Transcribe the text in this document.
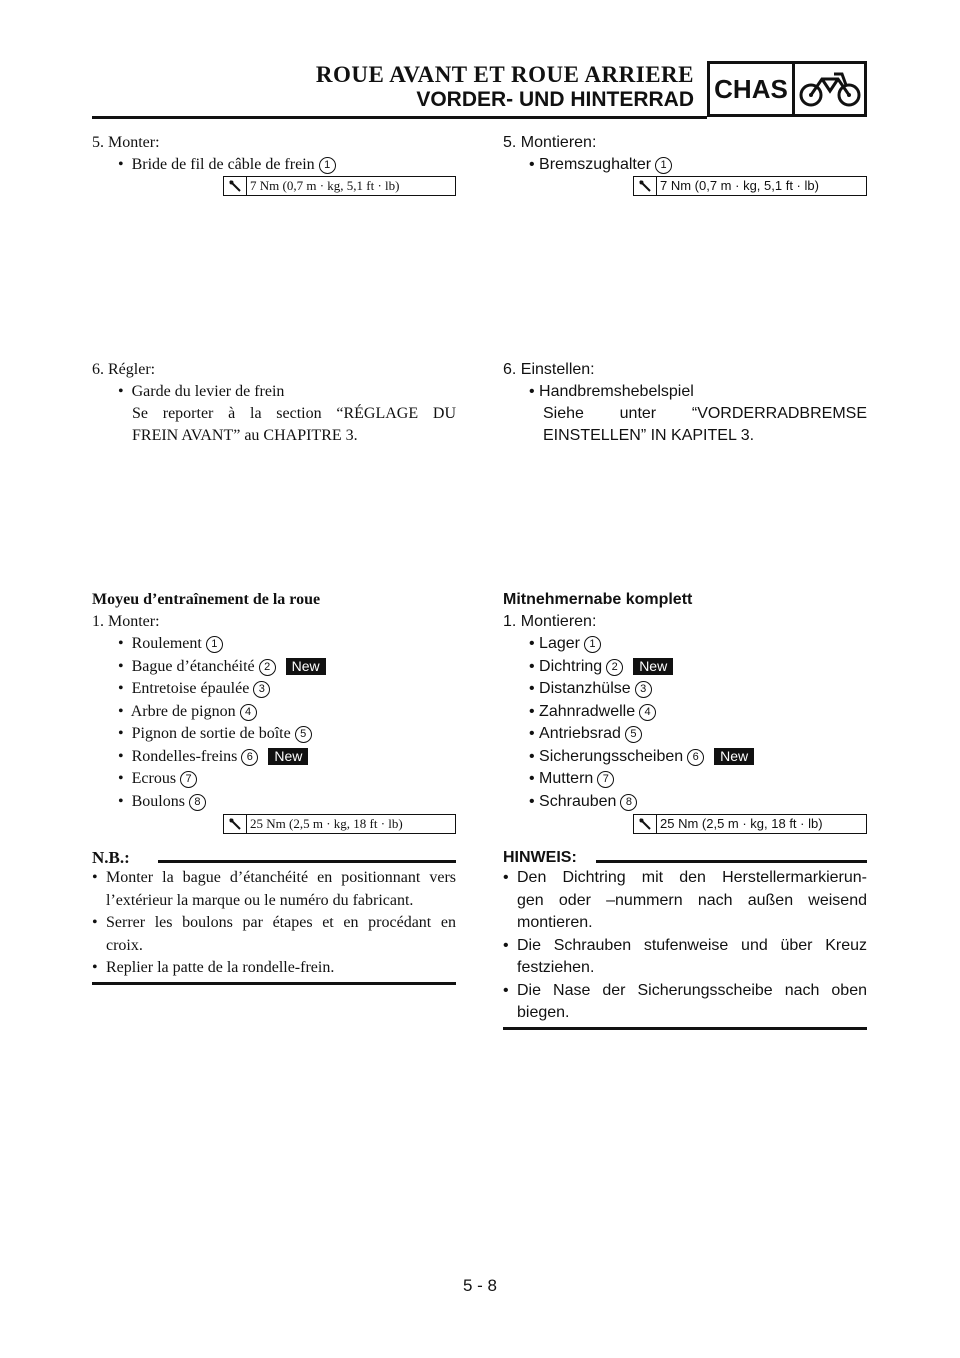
ROUE AVANT ET ROUE ARRIERE
VORDER- UND HINTERRAD CHAS
5. Monter:
•  Bride de fil de câble de frein 1
7 Nm (0,7 m · kg, 5,1 ft · lb)
6. Régler:
•  Garde du levier de frein
Se reporter à la section “RÉGLAGE DU
FREIN AVANT” au CHAPITRE 3.
Moyeu d’entraînement de la roue
1. Monter:
•  Roulement 1
•  Bague d’étanchéité 2 New
•  Entretoise épaulée 3
•  Arbre de pignon 4
•  Pignon de sortie de boîte 5
•  Rondelles-freins 6 New
•  Ecrous 7
•  Boulons 8
25 Nm (2,5 m · kg, 18 ft · lb)
N.B.:
• Monter la bague d’étanchéité en positionnant vers
l’extérieur la marque ou le numéro du fabricant.
• Serrer les boulons par étapes et en procédant en
croix.
• Replier la patte de la rondelle-frein.
5. Montieren:
• Bremszughalter 1
7 Nm (0,7 m · kg, 5,1 ft · lb)
6. Einstellen:
• Handbremshebelspiel
Siehe unter “VORDERRADBREMSE
EINSTELLEN” IN KAPITEL 3.
Mitnehmernabe komplett
1. Montieren:
• Lager 1
• Dichtring 2 New
• Distanzhülse 3
• Zahnradwelle 4
• Antriebsrad 5
• Sicherungsscheiben 6 New
• Muttern 7
• Schrauben 8
25 Nm (2,5 m · kg, 18 ft · lb)
HINWEIS:
• Den Dichtring mit den Herstellermarkierun-
gen oder –nummern nach außen weisend
montieren.
• Die Schrauben stufenweise und über Kreuz
festziehen.
• Die Nase der Sicherungsscheibe nach oben
biegen.
5 - 8
